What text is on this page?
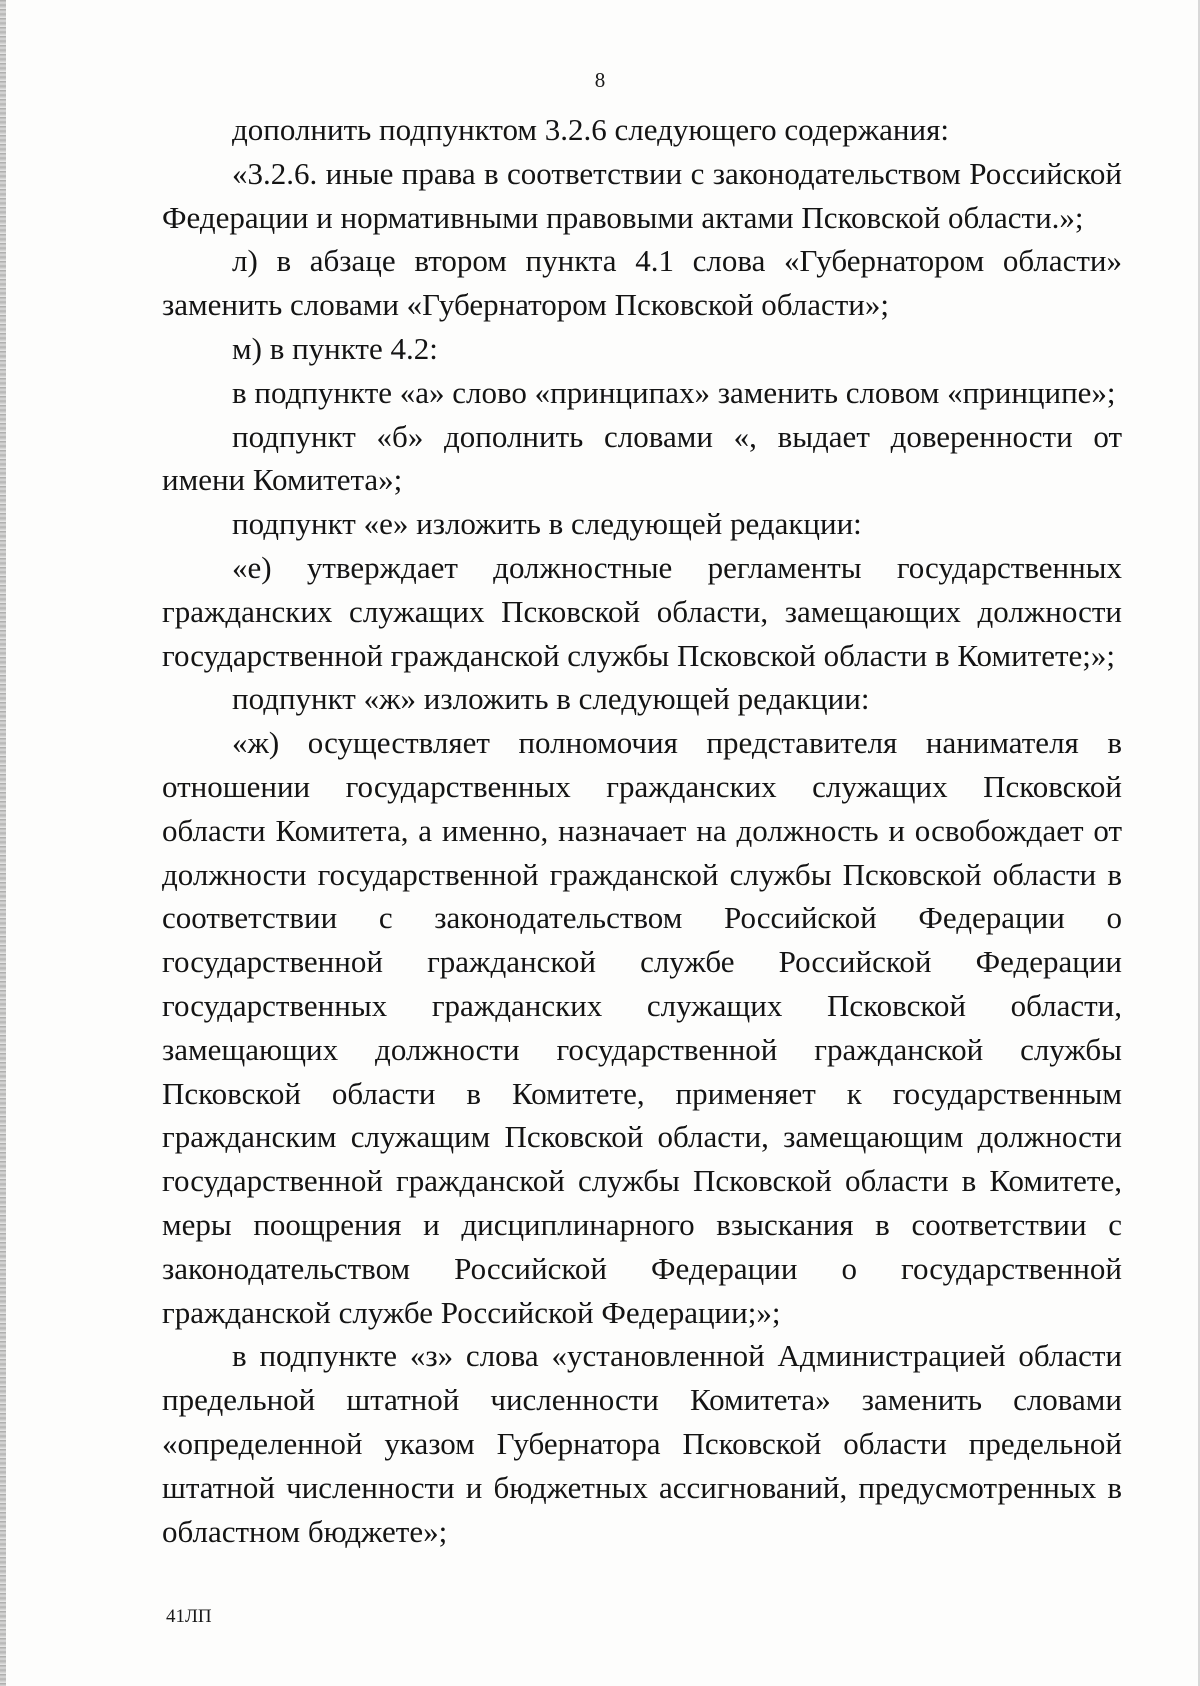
8

дополнить подпунктом 3.2.6 следующего содержания:

«3.2.6. иные права в соответствии с законодательством Российской Федерации и нормативными правовыми актами Псковской области.»;

л) в абзаце втором пункта 4.1 слова «Губернатором области» заменить словами «Губернатором Псковской области»;

м) в пункте 4.2:

в подпункте «а» слово «принципах» заменить словом «принципе»;

подпункт «б» дополнить словами «, выдает доверенности от имени Комитета»;

подпункт «е» изложить в следующей редакции:

«е) утверждает должностные регламенты государственных гражданских служащих Псковской области, замещающих должности государственной гражданской службы Псковской области в Комитете;»;

подпункт «ж» изложить в следующей редакции:

«ж) осуществляет полномочия представителя нанимателя в отношении государственных гражданских служащих Псковской области Комитета, а именно, назначает на должность и освобождает от должности государственной гражданской службы Псковской области в соответствии с законодательством Российской Федерации о государственной гражданской службе Российской Федерации государственных гражданских служащих Псковской области, замещающих должности государственной гражданской службы Псковской области в Комитете, применяет к государственным гражданским служащим Псковской области, замещающим должности государственной гражданской службы Псковской области в Комитете, меры поощрения и дисциплинарного взыскания в соответствии с законодательством Российской Федерации о государственной гражданской службе Российской Федерации;»;

в подпункте «з» слова «установленной Администрацией области предельной штатной численности Комитета» заменить словами «определенной указом Губернатора Псковской области предельной штатной численности и бюджетных ассигнований, предусмотренных в областном бюджете»;

41ЛП
